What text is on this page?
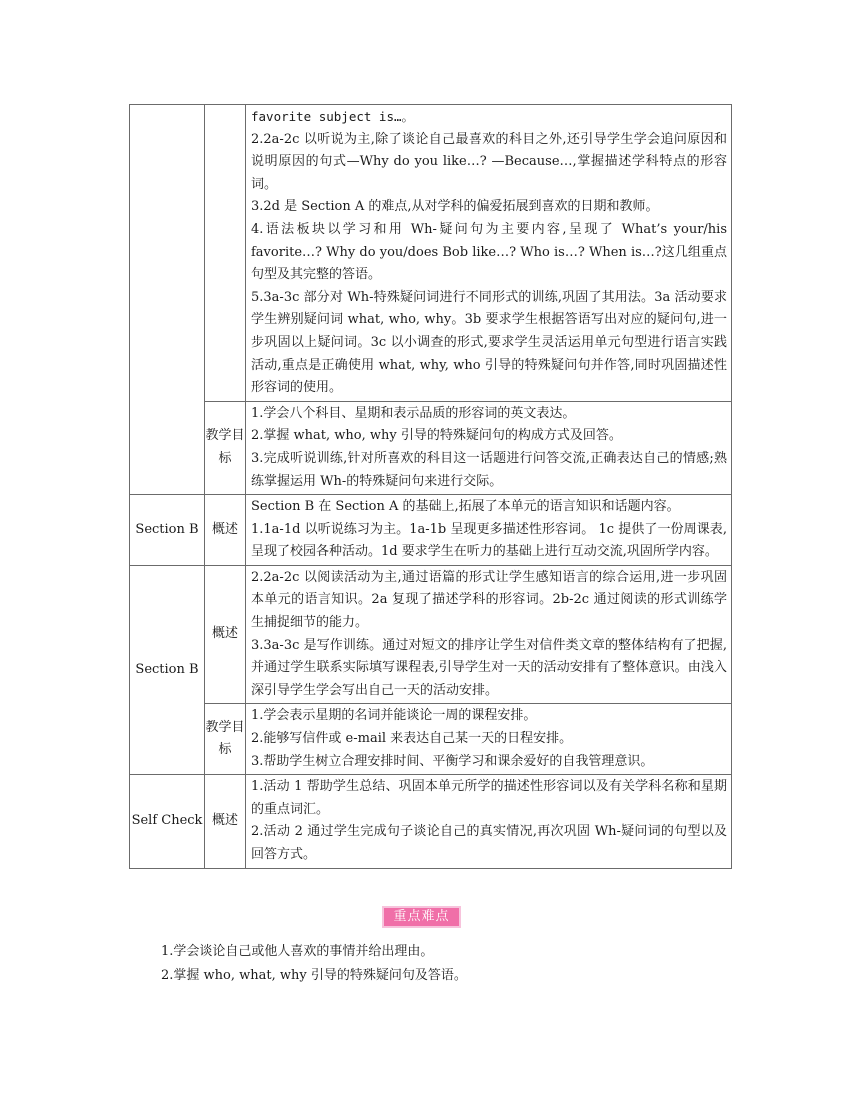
		favorite subject is…。

2.2a-2c 以听说为主,除了谈论自己最喜欢的科目之外,还引导学生学会追问原因和说明原因的句式—Why do you like…? —Because…,掌握描述学科特点的形容词。

3.2d 是 Section A 的难点,从对学科的偏爱拓展到喜欢的日期和教师。

4.语法板块以学习和用 Wh-疑问句为主要内容,呈现了 What’s your/his favorite…? Why do you/does Bob like…? Who is…? When is…?这几组重点句型及其完整的答语。

5.3a-3c 部分对 Wh-特殊疑问词进行不同形式的训练,巩固了其用法。3a 活动要求学生辨别疑问词 what, who, why。3b 要求学生根据答语写出对应的疑问句,进一步巩固以上疑问词。3c 以小调查的形式,要求学生灵活运用单元句型进行语言实践活动,重点是正确使用 what, why, who 引导的特殊疑问句并作答,同时巩固描述性形容词的使用。

	教学目标	1.学会八个科目、星期和表示品质的形容词的英文表达。

2.掌握 what, who, why 引导的特殊疑问句的构成方式及回答。

3.完成听说训练,针对所喜欢的科目这一话题进行问答交流,正确表达自己的情感;熟练掌握运用 Wh-的特殊疑问句来进行交际。

Section B	概述	Section B 在 Section A 的基础上,拓展了本单元的语言知识和话题内容。

1.1a-1d 以听说练习为主。1a-1b 呈现更多描述性形容词。 1c 提供了一份周课表,呈现了校园各种活动。1d 要求学生在听力的基础上进行互动交流,巩固所学内容。

Section B	概述	2.2a-2c 以阅读活动为主,通过语篇的形式让学生感知语言的综合运用,进一步巩固本单元的语言知识。2a 复现了描述学科的形容词。2b-2c 通过阅读的形式训练学生捕捉细节的能力。

3.3a-3c 是写作训练。通过对短文的排序让学生对信件类文章的整体结构有了把握,并通过学生联系实际填写课程表,引导学生对一天的活动安排有了整体意识。由浅入深引导学生学会写出自己一天的活动安排。

	教学目标	1.学会表示星期的名词并能谈论一周的课程安排。

2.能够写信件或 e-mail 来表达自己某一天的日程安排。

3.帮助学生树立合理安排时间、平衡学习和课余爱好的自我管理意识。

Self Check	概述	1.活动 1 帮助学生总结、巩固本单元所学的描述性形容词以及有关学科名称和星期的重点词汇。

2.活动 2 通过学生完成句子谈论自己的真实情况,再次巩固 Wh-疑问词的句型以及回答方式。

重点难点

1.学会谈论自己或他人喜欢的事情并给出理由。

2.掌握 who, what, why 引导的特殊疑问句及答语。
